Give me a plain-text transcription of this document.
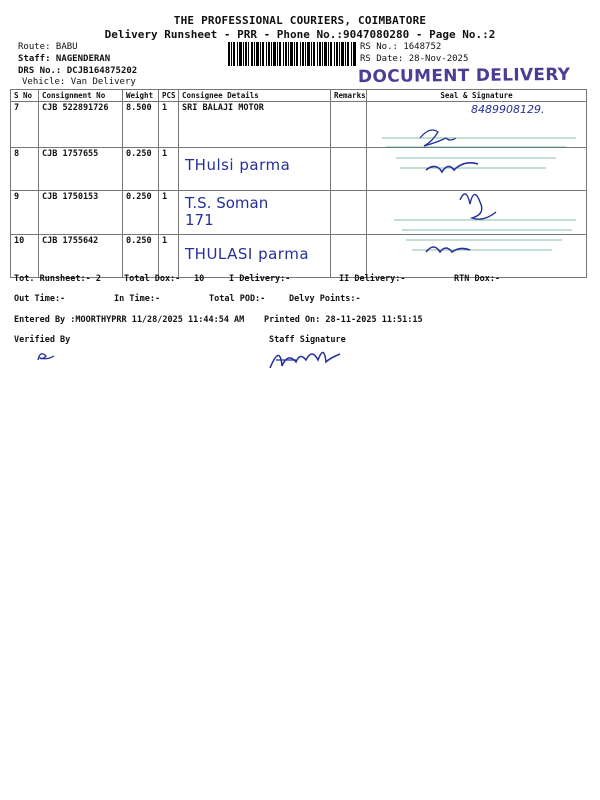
THE PROFESSIONAL COURIERS, COIMBATORE
Delivery Runsheet - PRR - Phone No.:9047080280 - Page No.:2
Route: BABU
Staff: NAGENDERAN
DRS No.: DCJB164875202
Vehicle: Van Delivery
RS No.: 1648752
RS Date: 28-Nov-2025
DOCUMENT DELIVERY
S No	Consignment No	Weight	PCS	Consignee Details	Remarks	Seal & Signature
7	CJB 522891726	8.500	1	SRI BALAJI MOTOR		8489908129.

8	CJB 1757655	0.250	1	THulsi parma		

9	CJB 1750153	0.250	1	T.S. Soman 171		

10	CJB 1755642	0.250	1	THULASI parma		

Tot. Runsheet:- 2	Total Dox:- 10	I Delivery:-	II Delivery:-	RTN Dox:-
Out Time:-	In Time:-	Total POD:-	Delvy Points:-
Entered By :MOORTHYPRR 11/28/2025 11:44:54 AM Printed On: 28-11-2025 11:51:15
Verified By	Staff Signature
